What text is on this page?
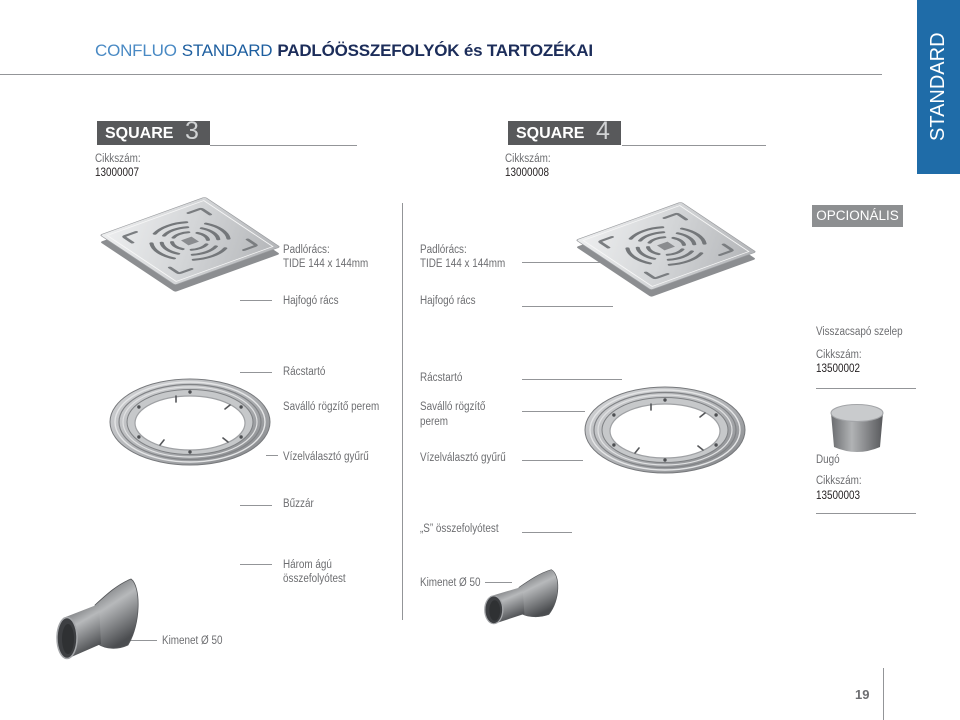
CONFLUO STANDARD PADLÓÖSSZEFOLYÓK és TARTOZÉKAI	STANDARD
SQUARE 3
Cikkszám:
13000007
SQUARE 4
Cikkszám:
13000008
Padlórács:
TIDE 144 x 144mm
Hajfogó rács
Rácstartó
Saválló rögzítő perem
Vízelválasztó gyűrű
Bűzzár
Három ágú
összefolyótest
Kimenet Ø 50
Padlórács:
TIDE 144 x 144mm
Hajfogó rács
Rácstartó
Saválló rögzítő
perem
Vízelválasztó gyűrű
„S” összefolyótest
Kimenet Ø 50
OPCIONÁLIS
Visszacsapó szelep
Cikkszám:
13500002
Dugó
Cikkszám:
13500003
19
